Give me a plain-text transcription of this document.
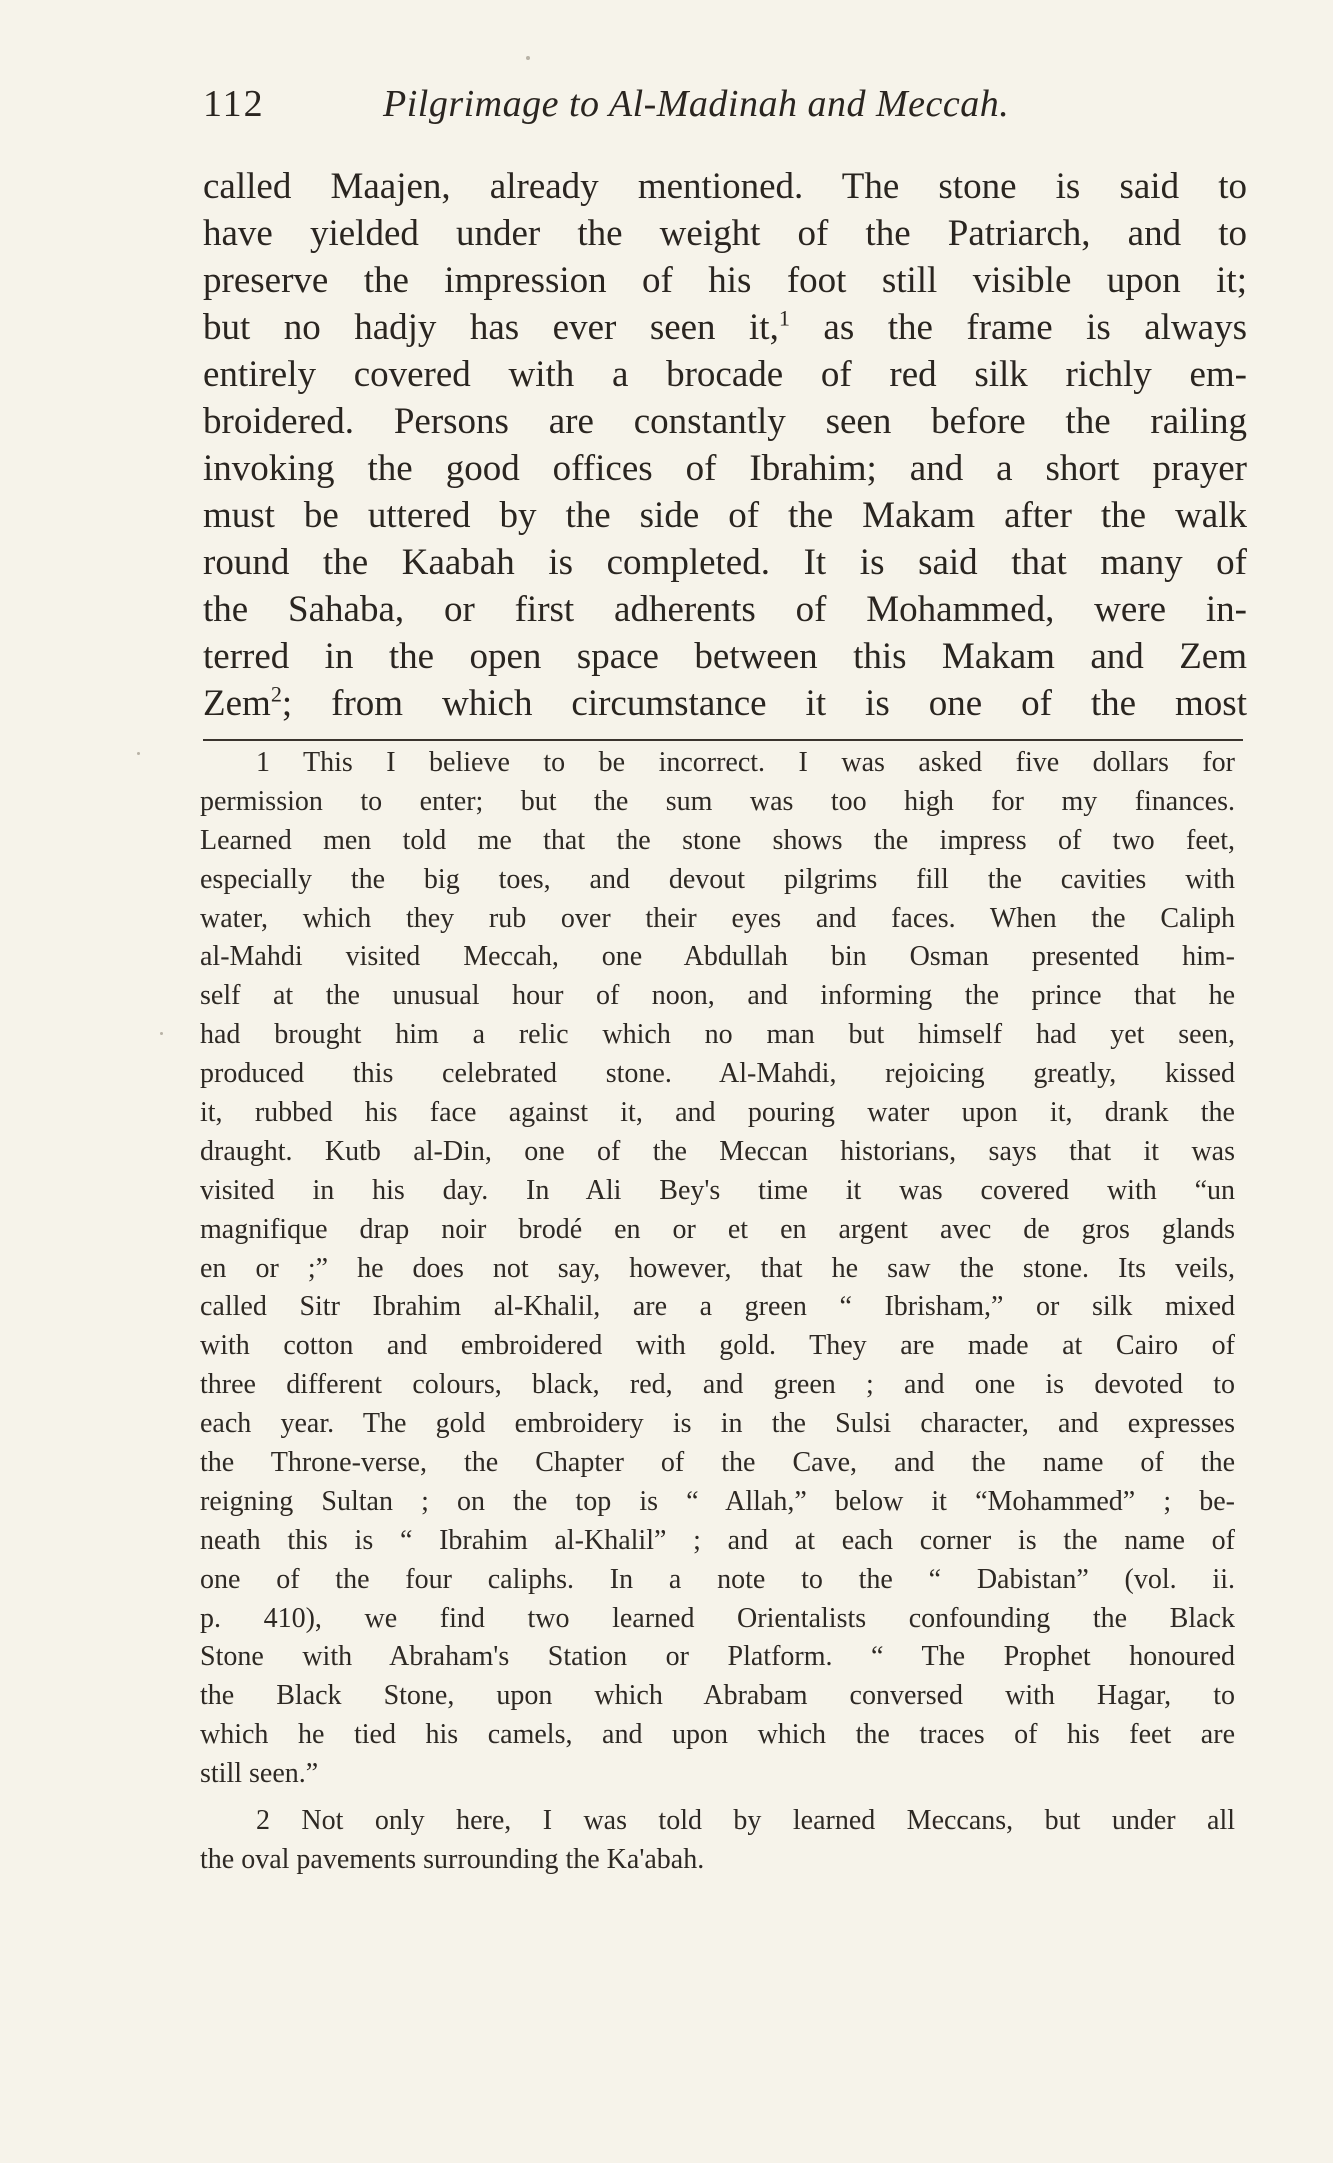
112	Pilgrimage to Al-Madinah and Meccah.
called Maajen, already mentioned. The stone is said to
have yielded under the weight of the Patriarch, and to
preserve the impression of his foot still visible upon it;
but no hadjy has ever seen it,$^1$ as the frame is always
entirely covered with a brocade of red silk richly em-
broidered. Persons are constantly seen before the railing
invoking the good offices of Ibrahim; and a short prayer
must be uttered by the side of the Makam after the walk
round the Kaabah is completed. It is said that many of
the Sahaba, or first adherents of Mohammed, were in-
terred in the open space between this Makam and Zem
Zem$^2$; from which circumstance it is one of the most
1 This I believe to be incorrect. I was asked five dollars for
permission to enter; but the sum was too high for my finances.
Learned men told me that the stone shows the impress of two feet,
especially the big toes, and devout pilgrims fill the cavities with
water, which they rub over their eyes and faces. When the Caliph
al-Mahdi visited Meccah, one Abdullah bin Osman presented him-
self at the unusual hour of noon, and informing the prince that he
had brought him a relic which no man but himself had yet seen,
produced this celebrated stone. Al-Mahdi, rejoicing greatly, kissed
it, rubbed his face against it, and pouring water upon it, drank the
draught. Kutb al-Din, one of the Meccan historians, says that it was
visited in his day. In Ali Bey's time it was covered with “un
magnifique drap noir brodé en or et en argent avec de gros glands
en or ;” he does not say, however, that he saw the stone. Its veils,
called Sitr Ibrahim al-Khalil, are a green “ Ibrisham,” or silk mixed
with cotton and embroidered with gold. They are made at Cairo of
three different colours, black, red, and green ; and one is devoted to
each year. The gold embroidery is in the Sulsi character, and expresses
the Throne-verse, the Chapter of the Cave, and the name of the
reigning Sultan ; on the top is “ Allah,” below it “Mohammed” ; be-
neath this is “ Ibrahim al-Khalil” ; and at each corner is the name of
one of the four caliphs. In a note to the “ Dabistan” (vol. ii.
p. 410), we find two learned Orientalists confounding the Black
Stone with Abraham's Station or Platform. “ The Prophet honoured
the Black Stone, upon which Abrabam conversed with Hagar, to
which he tied his camels, and upon which the traces of his feet are
still seen.”
2 Not only here, I was told by learned Meccans, but under all
the oval pavements surrounding the Ka'abah.
